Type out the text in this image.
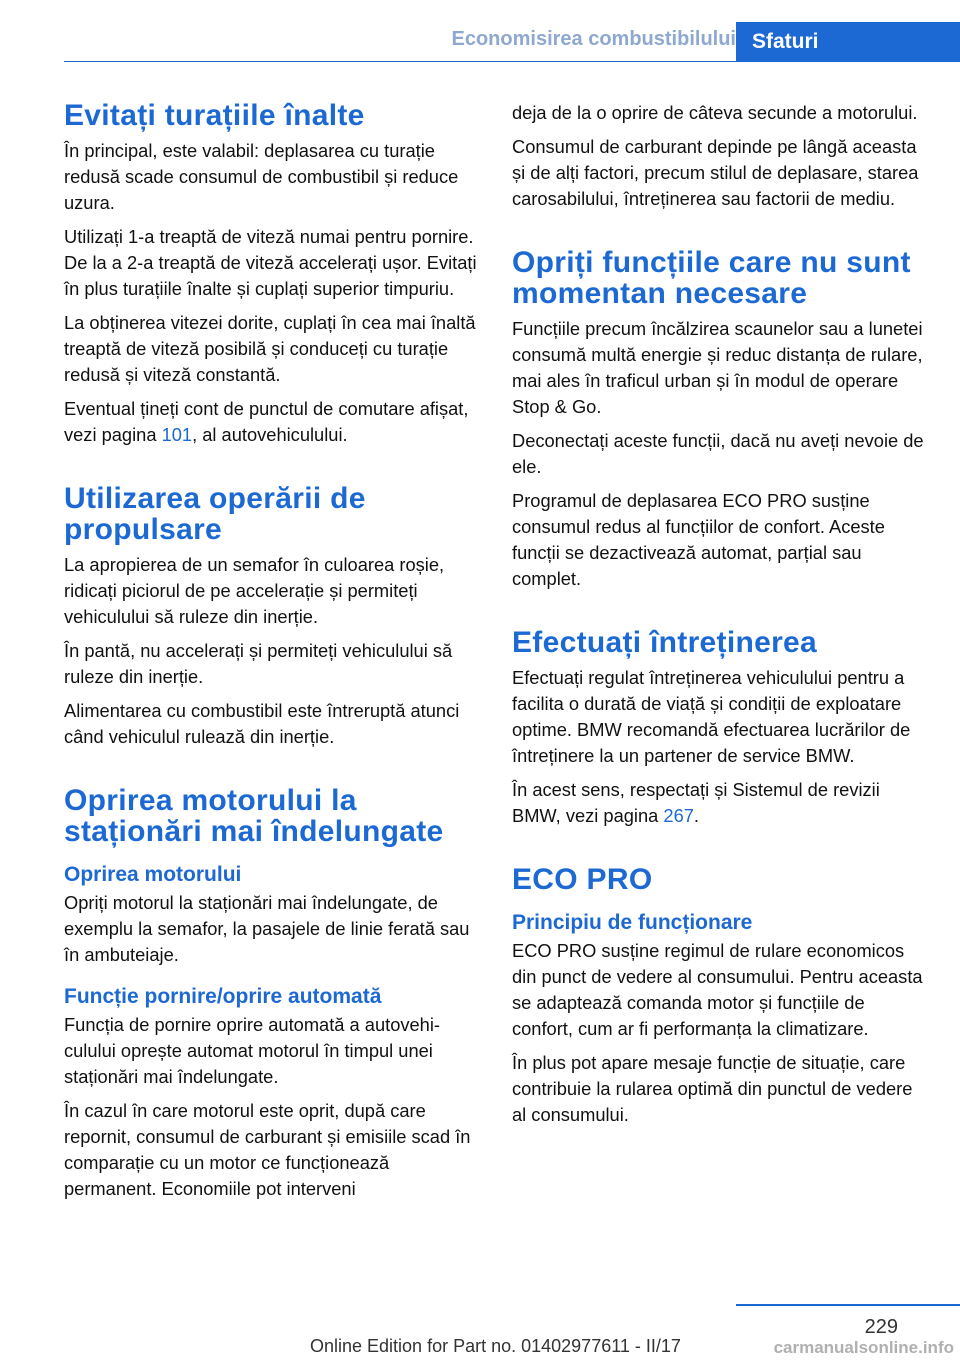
Economisirea combustibilului Sfaturi
Evitați turațiile înalte

În principal, este valabil: deplasarea cu turație redusă scade consumul de combustibil și reduce uzura.

Utilizați 1-a treaptă de viteză numai pentru pornire. De la a 2-a treaptă de viteză accelerați ușor. Evitați în plus turațiile înalte și cuplați superior timpuriu.

La obținerea vitezei dorite, cuplați în cea mai înaltă treaptă de viteză posibilă și conduceți cu turație redusă și viteză constantă.

Eventual țineți cont de punctul de comutare afișat, vezi pagina 101, al autovehiculului.

Utilizarea operării de propulsare

La apropierea de un semafor în culoarea roșie, ridicați piciorul de pe accelerație și permiteți vehiculului să ruleze din inerție.

În pantă, nu accelerați și permiteți vehiculului să ruleze din inerție.

Alimentarea cu combustibil este întreruptă atunci când vehiculul rulează din inerție.

Oprirea motorului la staționări mai îndelungate
Oprirea motorului

Opriți motorul la staționări mai îndelungate, de exemplu la semafor, la pasajele de linie ferată sau în ambuteiaje.

Funcție pornire/oprire automată

Funcția de pornire oprire automată a autovehiculului oprește automat motorul în timpul unei staționări mai îndelungate.

În cazul în care motorul este oprit, după care repornit, consumul de carburant și emisiile scad în comparație cu un motor ce funcționează permanent. Economiile pot interveni

deja de la o oprire de câteva secunde a motorului.

Consumul de carburant depinde pe lângă aceasta și de alți factori, precum stilul de deplasare, starea carosabilului, întreținerea sau factorii de mediu.

Opriți funcțiile care nu sunt momentan necesare

Funcțiile precum încălzirea scaunelor sau a lunetei consumă multă energie și reduc distanța de rulare, mai ales în traficul urban și în modul de operare Stop & Go.

Deconectați aceste funcții, dacă nu aveți nevoie de ele.

Programul de deplasarea ECO PRO susține consumul redus al funcțiilor de confort. Aceste funcții se dezactivează automat, parțial sau complet.

Efectuați întreținerea

Efectuați regulat întreținerea vehiculului pentru a facilita o durată de viață și condiții de exploatare optime. BMW recomandă efectuarea lucrărilor de întreținere la un partener de service BMW.

În acest sens, respectați și Sistemul de revizii BMW, vezi pagina 267.

ECO PRO
Principiu de funcționare

ECO PRO susține regimul de rulare economicos din punct de vedere al consumului. Pentru aceasta se adaptează comanda motor și funcțiile de confort, cum ar fi performanța la climatizare.

În plus pot apare mesaje funcție de situație, care contribuie la rularea optimă din punctul de vedere al consumului.

229
Online Edition for Part no. 01402977611 - II/17	carmanualsonline.info
